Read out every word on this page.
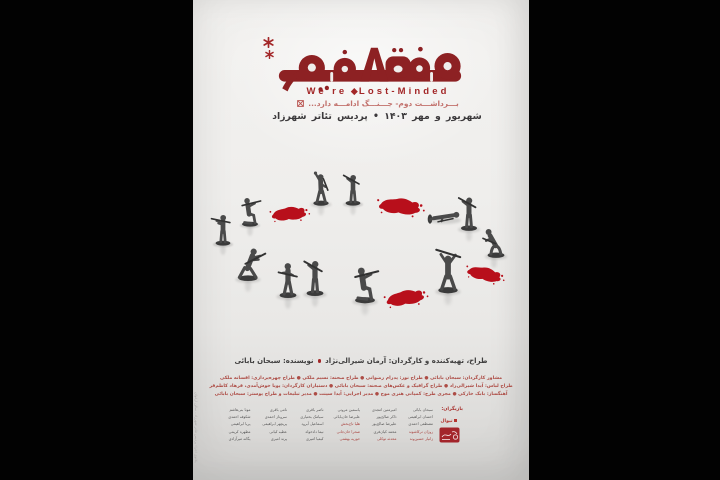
We're Lost-Minded
بـــرداشـــت دوم- جـــنـــگ ادامـــه دارد...
شهریور و مهر ۱۴۰۳ • پردیس تئاتر شهرزاد
طراح، تهیه‌کننده و کارگردان: آرمان شیرالی‌نژادنویسنده: سبحان بابائی
مشاور کارگردان: سبحان بابائی ● طراح نور: پدرام رضوانی ● طراح صحنه: نسیم ملکی ● طراح چهره‌پردازی: افسانه ملکی
طراح لباس: آیدا شیرالی‌راد ● طراح گرافیک و عکس‌های صحنه: سبحان بابائی ● دستیاران کارگردان: پویا خوش‌آمدی، فرهاد کاظم‌فر
آهنگساز: بابک خارکی ● مجری طرح: کمپانی هنری موج ● مدیر اجرایی: آیدا سپنت ● مدیر تبلیغات و طراح پوستر: سبحان بابائی
بازیگران:
سبحان بابائی
احسان ابراهیمی
مصطفی احمدی
روژان ترکاشوند
زانیار حسین‌وند
امیرمتین امجدی
ذاکر صالح‌پور
علیرضا صالح‌پور
محمد کیان‌فری
محدثه توکلی
یاسمین مروتی
علیرضا خان‌بابائی
هلیا تاج‌بخش
صحرا خان‌جانی
حوریه بهشتی
ناصر باقری
سیامک بختیاری
اسماعیل آبرود
نیما دادخواه
کیمیا امیری
نامی باقری
سروناز احمدی
پریچهر ابراهیمی
عطیه کیانی
پرند امیری
مونا بنی‌هاشم
شکوفه احمدی
پریا ابراهیمی
مطهره کریمی
یگانه میرآزادی
تیوال
پلاتوی اجرا: پردیس تئاتر شهرزاد ـ سالن ارغوان
